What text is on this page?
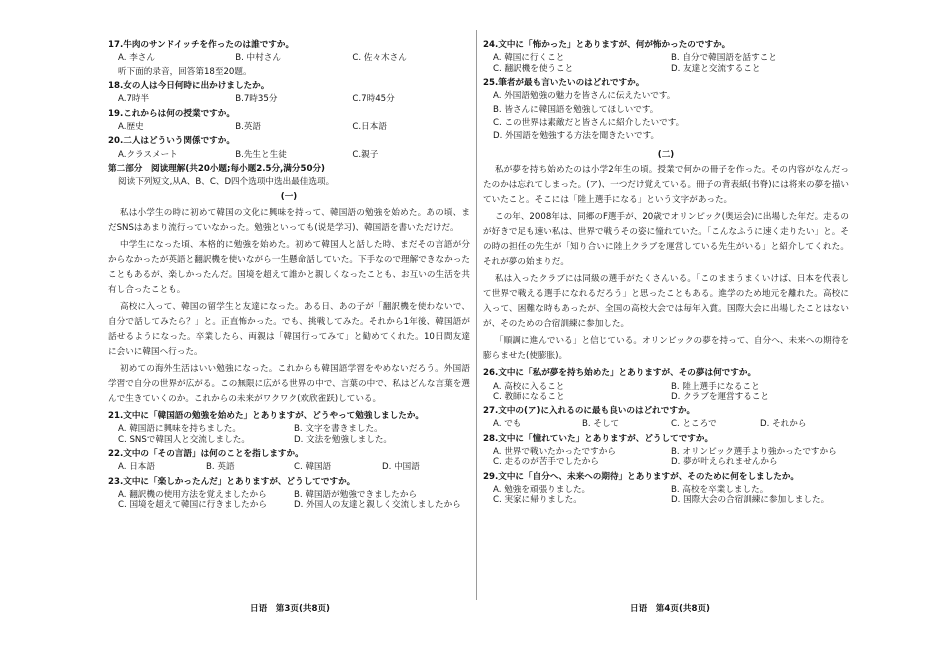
17.牛肉のサンドイッチを作ったのは誰ですか。
A. 李さん	B. 中村さん	C. 佐々木さん
听下面的录音，回答第18至20题。
18.女の人は今日何時に出かけましたか。
A.7時半	B.7時35分	C.7時45分
19.これからは何の授業ですか。
A.歴史	B.英語	C.日本語
20.二人はどういう関係ですか。
A.クラスメート	B.先生と生徒	C.親子
第二部分　阅读理解(共20小题;每小题2.5分,满分50分)
阅读下列短文,从A、B、C、D四个选项中选出最佳选项。
(一)

私は小学生の時に初めて韓国の文化に興味を持って、韓国語の勉強を始めた。あの頃、まだSNSはあまり流行っていなかった。勉強といっても(说是学习)、韓国語を書いただけだ。

中学生になった頃、本格的に勉強を始めた。初めて韓国人と話した時、まだその言語が分からなかったが英語と翻訳機を使いながら一生懸命話していた。下手なので理解できなかったこともあるが、楽しかったんだ。国境を超えて誰かと親しくなったことも、お互いの生活を共有し合ったことも。

高校に入って、韓国の留学生と友達になった。ある日、あの子が「翻訳機を使わないで、自分で話してみたら？」と。正直怖かった。でも、挑戦してみた。それから1年後、韓国語が話せるようになった。卒業したら、両親は「韓国行ってみて」と勧めてくれた。10日間友達に会いに韓国へ行った。

初めての海外生活はいい勉強になった。これからも韓国語学習をやめないだろう。外国語学習で自分の世界が広がる。この無限に広がる世界の中で、言葉の中で、私はどんな言葉を選んで生きていくのか。これからの未来がワクワク(欢欣雀跃)している。

21.文中に「韓国語の勉強を始めた」とありますが、どうやって勉強しましたか。
A. 韓国語に興味を持ちました。	B. 文字を書きました。
C. SNSで韓国人と交流しました。	D. 文法を勉強しました。
22.文中の「その言語」は何のことを指しますか。
A. 日本語	B. 英語	C. 韓国語	D. 中国語
23.文中に「楽しかったんだ」とありますが、どうしてですか。
A. 翻訳機の使用方法を覚えましたから	B. 韓国語が勉強できましたから
C. 国境を超えて韓国に行きましたから	D. 外国人の友達と親しく交流しましたから
24.文中に「怖かった」とありますが、何が怖かったのですか。
A. 韓国に行くこと	B. 自分で韓国語を話すこと
C. 翻訳機を使うこと	D. 友達と交流すること
25.筆者が最も言いたいのはどれですか。
A. 外国語勉強の魅力を皆さんに伝えたいです。
B. 皆さんに韓国語を勉強してほしいです。
C. この世界は素敵だと皆さんに紹介したいです。
D. 外国語を勉強する方法を聞きたいです。
(二)

私が夢を持ち始めたのは小学2年生の頃。授業で何かの冊子を作った。その内容がなんだったのかは忘れてしまった。(ア)、一つだけ覚えている。冊子の背表紙(书脊)には将来の夢を描いていたこと。そこには「陸上選手になる」という文字があった。

この年、2008年は、同郷のF選手が、20歳でオリンピック(奥运会)に出場した年だ。走るのが好きで足も速い私は、世界で戦うその姿に憧れていた。「こんなふうに速く走りたい」と。その時の担任の先生が「知り合いに陸上クラブを運営している先生がいる」と紹介してくれた。それが夢の始まりだ。

私は入ったクラブには同級の選手がたくさんいる。「このままうまくいけば、日本を代表して世界で戦える選手になれるだろう」と思ったこともある。進学のため地元を離れた。高校に入って、困難な時もあったが、全国の高校大会では毎年入賞。国際大会に出場したことはないが、そのための合宿訓練に参加した。

「順調に進んでいる」と信じている。オリンピックの夢を持って、自分へ、未来への期待を膨らませた(使膨胀)。

26.文中に「私が夢を持ち始めた」とありますが、その夢は何ですか。
A. 高校に入ること	B. 陸上選手になること
C. 教師になること	D. クラブを運営すること
27.文中の(ア)に入れるのに最も良いのはどれですか。
A. でも	B. そして	C. ところで	D. それから
28.文中に「憧れていた」とありますが、どうしてですか。
A. 世界で戦いたかったですから	B. オリンピック選手より強かったですから
C. 走るのが苦手でしたから	D. 夢が叶えられませんから
29.文中に「自分へ、未来への期待」とありますが、そのために何をしましたか。
A. 勉強を頑張りました。	B. 高校を卒業しました。
C. 実家に帰りました。	D. 国際大会の合宿訓練に参加しました。
日语　第3页(共8页)	日语　第4页(共8页)
